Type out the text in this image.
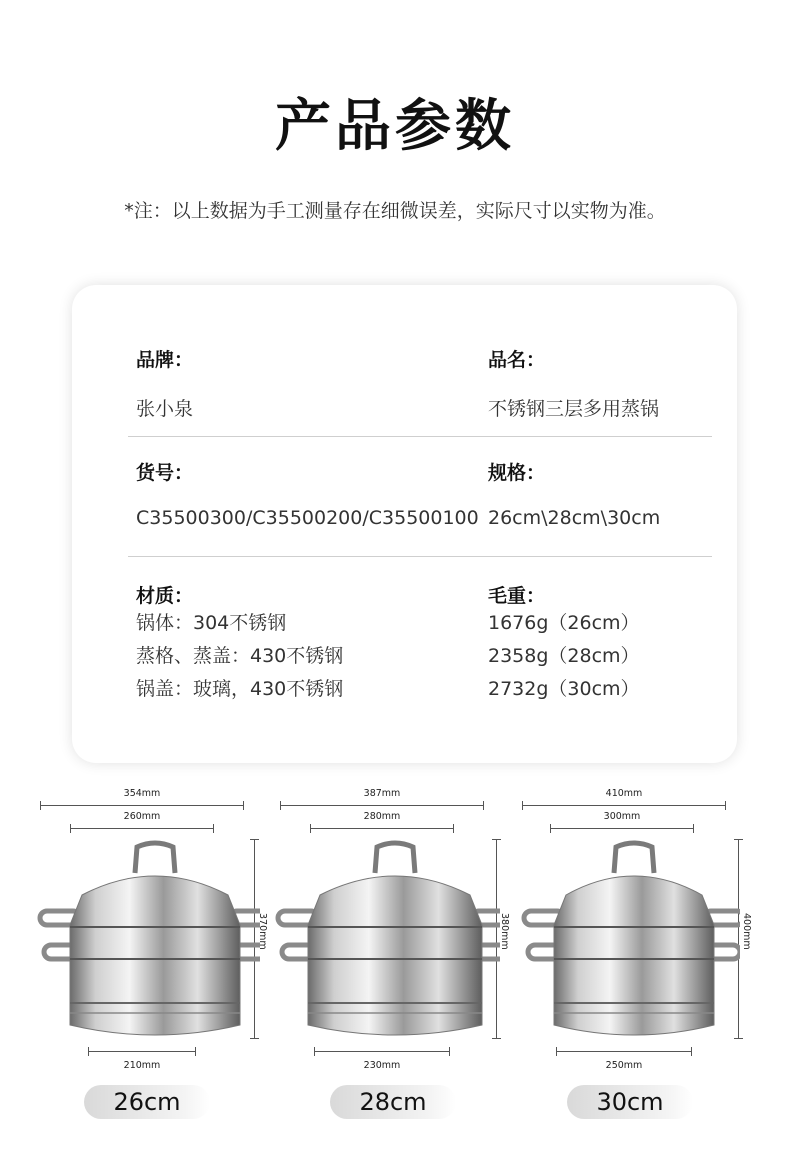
产品参数
*注：以上数据为手工测量存在细微误差，实际尺寸以实物为准。
品牌：
张小泉
品名：
不锈钢三层多用蒸锅
货号：
C35500300/C35500200/C35500100
规格：
26cm\28cm\30cm
材质：
锅体：304不锈钢
蒸格、蒸盖：430不锈钢
锅盖：玻璃，430不锈钢
毛重：
1676g（26cm）
2358g（28cm）
2732g（30cm）
354mm
260mm
370mm
210mm
26cm
387mm
280mm
380mm
230mm
28cm
410mm
300mm
400mm
250mm
30cm
